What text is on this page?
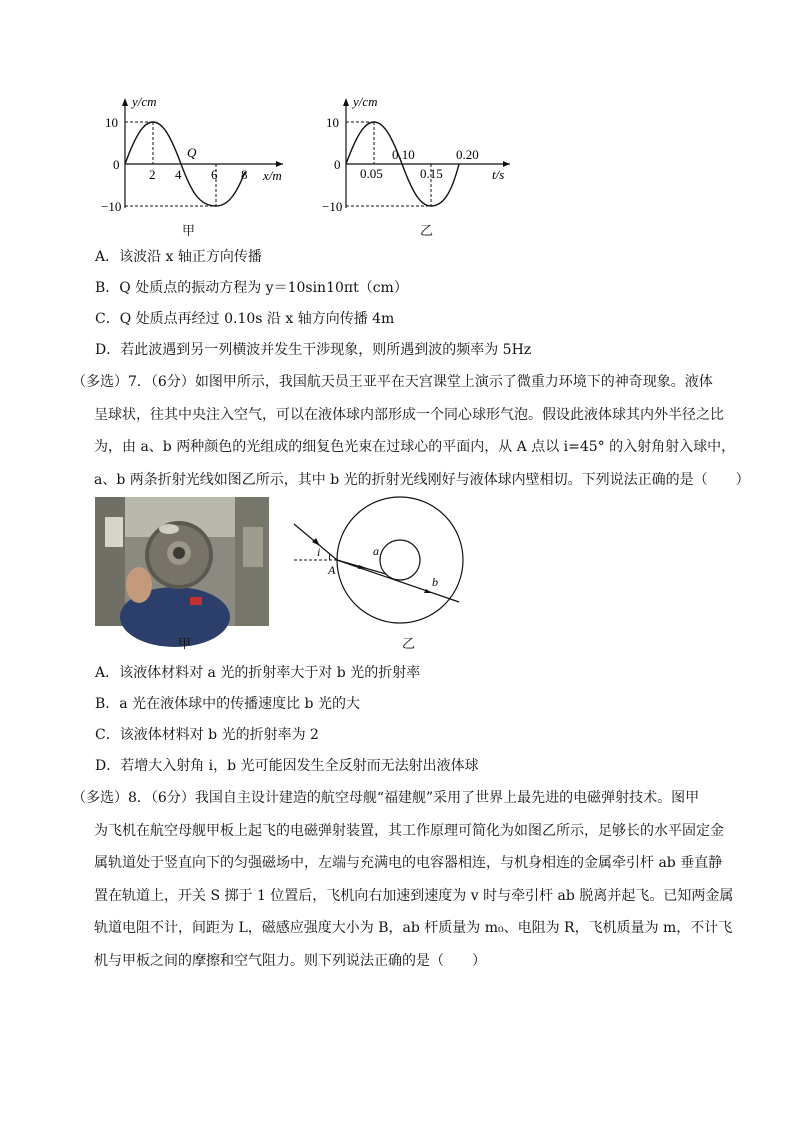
y/cm
10
0
−10
2 4 6 8
Q
x/m
甲
y/cm
10
0
−10
0.05
0.10
0.15
0.20
t/s
乙
A．该波沿 x 轴正方向传播
B．Q 处质点的振动方程为 y＝10sin10πt（cm）
C．Q 处质点再经过 0.10s 沿 x 轴方向传播 4m
D．若此波遇到另一列横波并发生干涉现象，则所遇到波的频率为 5Hz
（多选）7．（6分）如图甲所示，我国航天员王亚平在天宫课堂上演示了微重力环境下的神奇现象。液体
呈球状，往其中央注入空气，可以在液体球内部形成一个同心球形气泡。假设此液体球其内外半径之比
为，由 a、b 两种颜色的光组成的细复色光束在过球心的平面内，从 A 点以 i=45° 的入射角射入球中，
a、b 两条折射光线如图乙所示，其中 b 光的折射光线刚好与液体球内壁相切。下列说法正确的是（　　）
甲
i
A
a
b
乙
A．该液体材料对 a 光的折射率大于对 b 光的折射率
B．a 光在液体球中的传播速度比 b 光的大
C．该液体材料对 b 光的折射率为 2
D．若增大入射角 i，b 光可能因发生全反射而无法射出液体球
（多选）8．（6分）我国自主设计建造的航空母舰“福建舰”采用了世界上最先进的电磁弹射技术。图甲
为飞机在航空母舰甲板上起飞的电磁弹射装置，其工作原理可简化为如图乙所示，足够长的水平固定金
属轨道处于竖直向下的匀强磁场中，左端与充满电的电容器相连，与机身相连的金属牵引杆 ab 垂直静
置在轨道上，开关 S 掷于 1 位置后，飞机向右加速到速度为 v 时与牵引杆 ab 脱离并起飞。已知两金属
轨道电阻不计，间距为 L，磁感应强度大小为 B，ab 杆质量为 m₀、电阻为 R，飞机质量为 m，不计飞
机与甲板之间的摩擦和空气阻力。则下列说法正确的是（　　）
